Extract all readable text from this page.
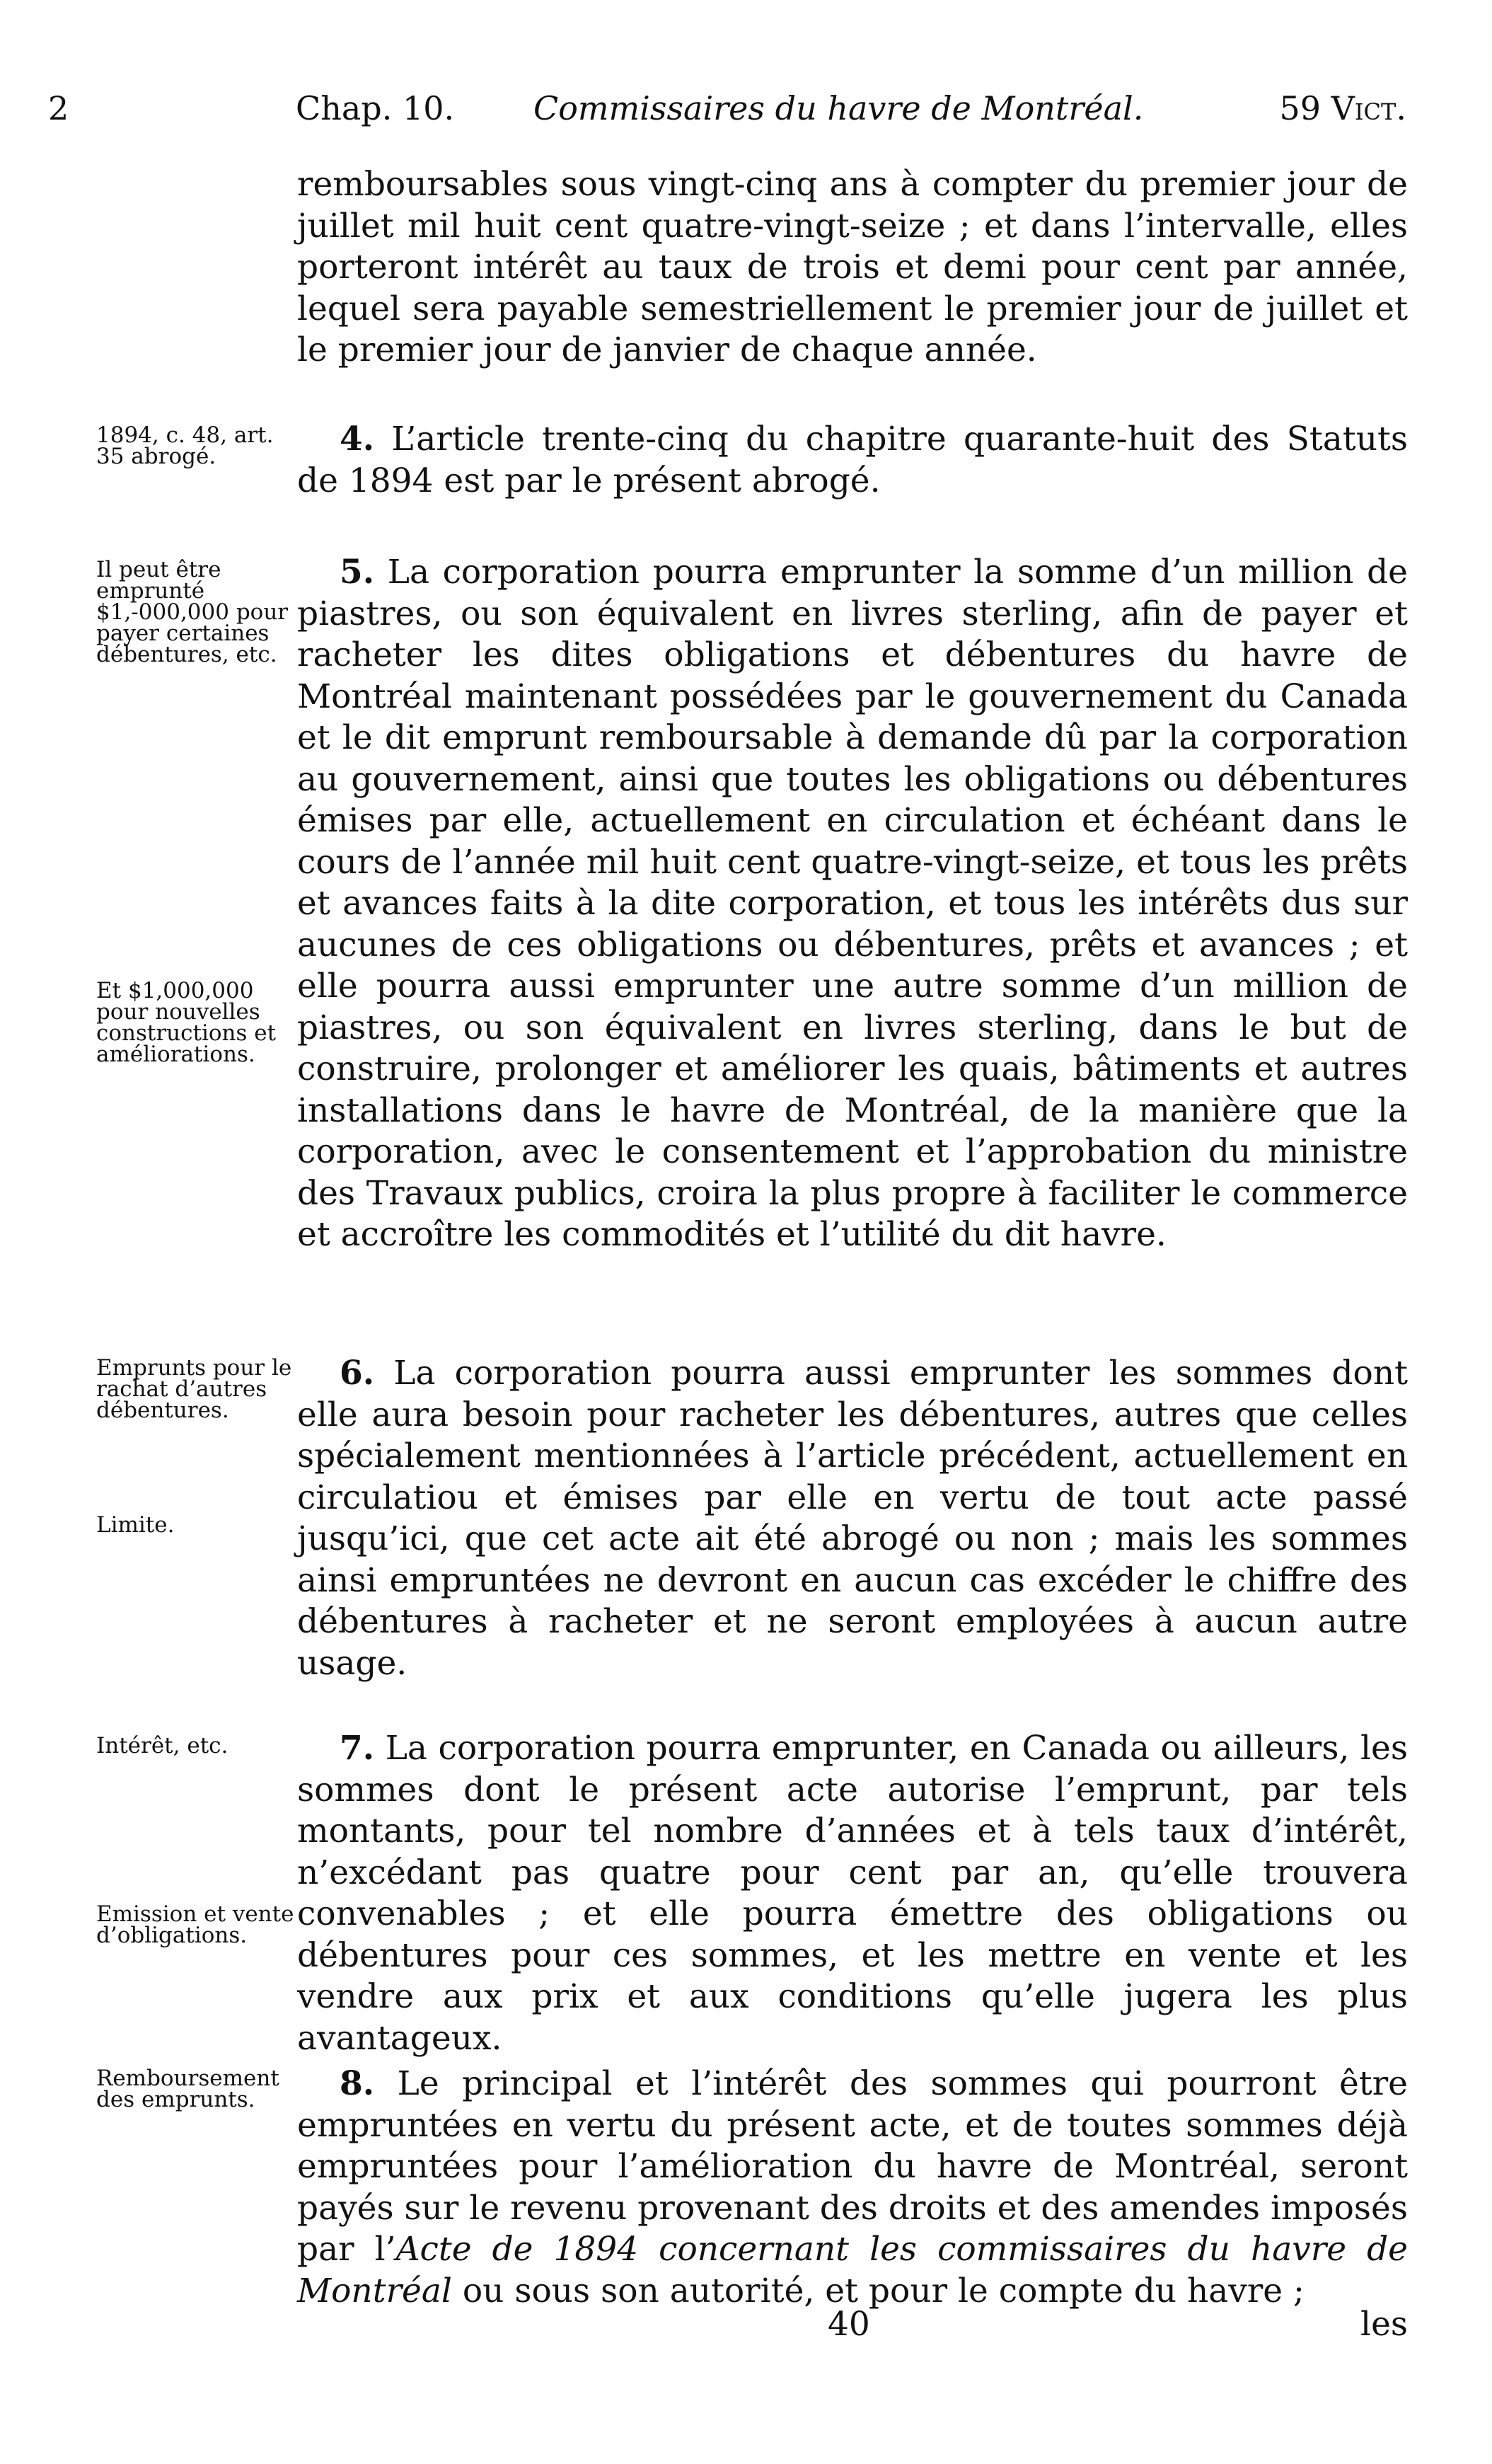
2	Chap. 10. Commissaires du havre de Montréal.	59 Vict.

remboursables sous vingt-cinq ans à compter du premier jour de juillet mil huit cent quatre-vingt-seize ; et dans l’intervalle, elles porteront intérêt au taux de trois et demi pour cent par année, lequel sera payable semestriellement le premier jour de juillet et le premier jour de janvier de chaque année.

1894, c. 48, art. 35 abrogé.	4. L’article trente-cinq du chapitre quarante-huit des Statuts de 1894 est par le présent abrogé.

Il peut être emprunté $1,-000,000 pour payer certaines débentures, etc.
Et $1,000,000 pour nouvelles constructions et améliorations.

5. La corporation pourra emprunter la somme d’un million de piastres, ou son équivalent en livres sterling, afin de payer et racheter les dites obligations et débentures du havre de Montréal maintenant possédées par le gouvernement du Canada et le dit emprunt remboursable à demande dû par la corporation au gouvernement, ainsi que toutes les obligations ou débentures émises par elle, actuellement en circulation et échéant dans le cours de l’année mil huit cent quatre-vingt-seize, et tous les prêts et avances faits à la dite corporation, et tous les intérêts dus sur aucunes de ces obligations ou débentures, prêts et avances ; et elle pourra aussi emprunter une autre somme d’un million de piastres, ou son équivalent en livres sterling, dans le but de construire, prolonger et améliorer les quais, bâtiments et autres installations dans le havre de Montréal, de la manière que la corporation, avec le consentement et l’approbation du ministre des Travaux publics, croira la plus propre à faciliter le commerce et accroître les commodités et l’utilité du dit havre.

Emprunts pour le rachat d’autres débentures.
Limite.

6. La corporation pourra aussi emprunter les sommes dont elle aura besoin pour racheter les débentures, autres que celles spécialement mentionnées à l’article précédent, actuellement en circulatiou et émises par elle en vertu de tout acte passé jusqu’ici, que cet acte ait été abrogé ou non ; mais les sommes ainsi empruntées ne devront en aucun cas excéder le chiffre des débentures à racheter et ne seront employées à aucun autre usage.

Intérêt, etc.
Emission et vente d’obligations.

7. La corporation pourra emprunter, en Canada ou ailleurs, les sommes dont le présent acte autorise l’emprunt, par tels montants, pour tel nombre d’années et à tels taux d’intérêt, n’excédant pas quatre pour cent par an, qu’elle trouvera convenables ; et elle pourra émettre des obligations ou débentures pour ces sommes, et les mettre en vente et les vendre aux prix et aux conditions qu’elle jugera les plus avantageux.

Remboursement des emprunts.	8. Le principal et l’intérêt des sommes qui pourront être empruntées en vertu du présent acte, et de toutes sommes déjà empruntées pour l’amélioration du havre de Montréal, seront payés sur le revenu provenant des droits et des amendes imposés par l’Acte de 1894 concernant les commissaires du havre de Montréal ou sous son autorité, et pour le compte du havre ;

40	les
